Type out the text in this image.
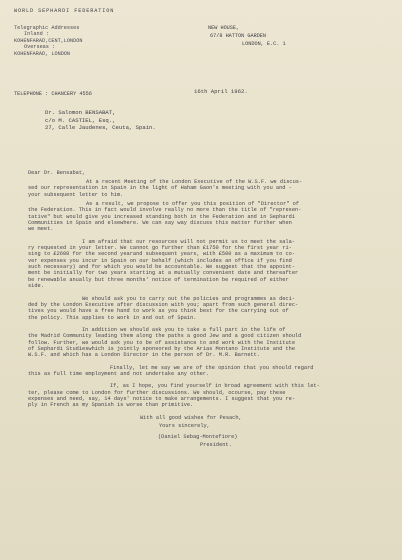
WORLD SEPHARDI FEDERATION
Telegraphic Addresses
Inland :
KOHENFARAD,CENT,LONDON
Overseas :
KOHENFARAD, LONDON
NEW HOUSE,
67/8 HATTON GARDEN
LONDON, E.C. 1
TELEPHONE : CHANCERY 4556	16th April 1962.
Dr. Salomon BENSABAT,
c/o M. CASTIEL, Esq.,
27, Calle Jaudenes, Ceuta, Spain.
Dear Dr. Bensabat,
At a recent Meeting of the London Executive of the W.S.F. we discus-
sed our representation in Spain in the light of Haham Gaon's meeting with you and -
your subsequent letter to him.
As a result, we propose to offer you this position of "Director" of
the Federation. This in fact would involve really no more than the title of "represen-
tative" but would give you increased standing both in the Federation and in Sephardi
Communities in Spain and elsewhere. We can say way discuss this matter further when
we meet.
I am afraid that our resources will not permit us to meet the sala-
ry requested in your letter. We cannot go further than £1750 for the first year ri-
sing to £2600 for the second yearand subsequent years, with £500 as a maximum to co-
ver expenses you incur in Spain on our behalf (which includes an office if you find
such necessary) and for which you would be accountable. We suggest that the appoint-
ment be initially for two years starting at a mutually convenient date and thereafter
be renewable anually but three months' notice of termination be required of either
side.
We should ask you to carry out the policies and programmes as deci-
ded by the London Executive after discussion with you; apart from such general direc-
tives you would have a free hand to work as you think best for the carrying out of
the policy. This applies to work in and out of Spain.
In addition we should ask you to take a full part in the life of
the Madrid Community leading them along the paths a good Jew and a good citizen should
follow. Further, we would ask you to be of assistance to and work with the Institute
of Sephardi Studieswhich is jointly sponsored by the Arias Montano Institute and the
W.S.F. and which has a London Director in the person of Dr. M.R. Barnett.
Finally, let me say we are of the opinion that you should regard
this as full time employment and not undertake any other.
If, as I hope, you find yourself in broad agreement with this let-
ter, please come to London for further discussions. We should, ocourse, pay these
expenses and need, say, 14 days' notice to make arrangements. I suggest that you re-
ply in French as my Spanish is worse than primitive.
With all good wishes for Pesach,
Yours sincerely,
(Daniel Sebag-Montefiore)
President.
